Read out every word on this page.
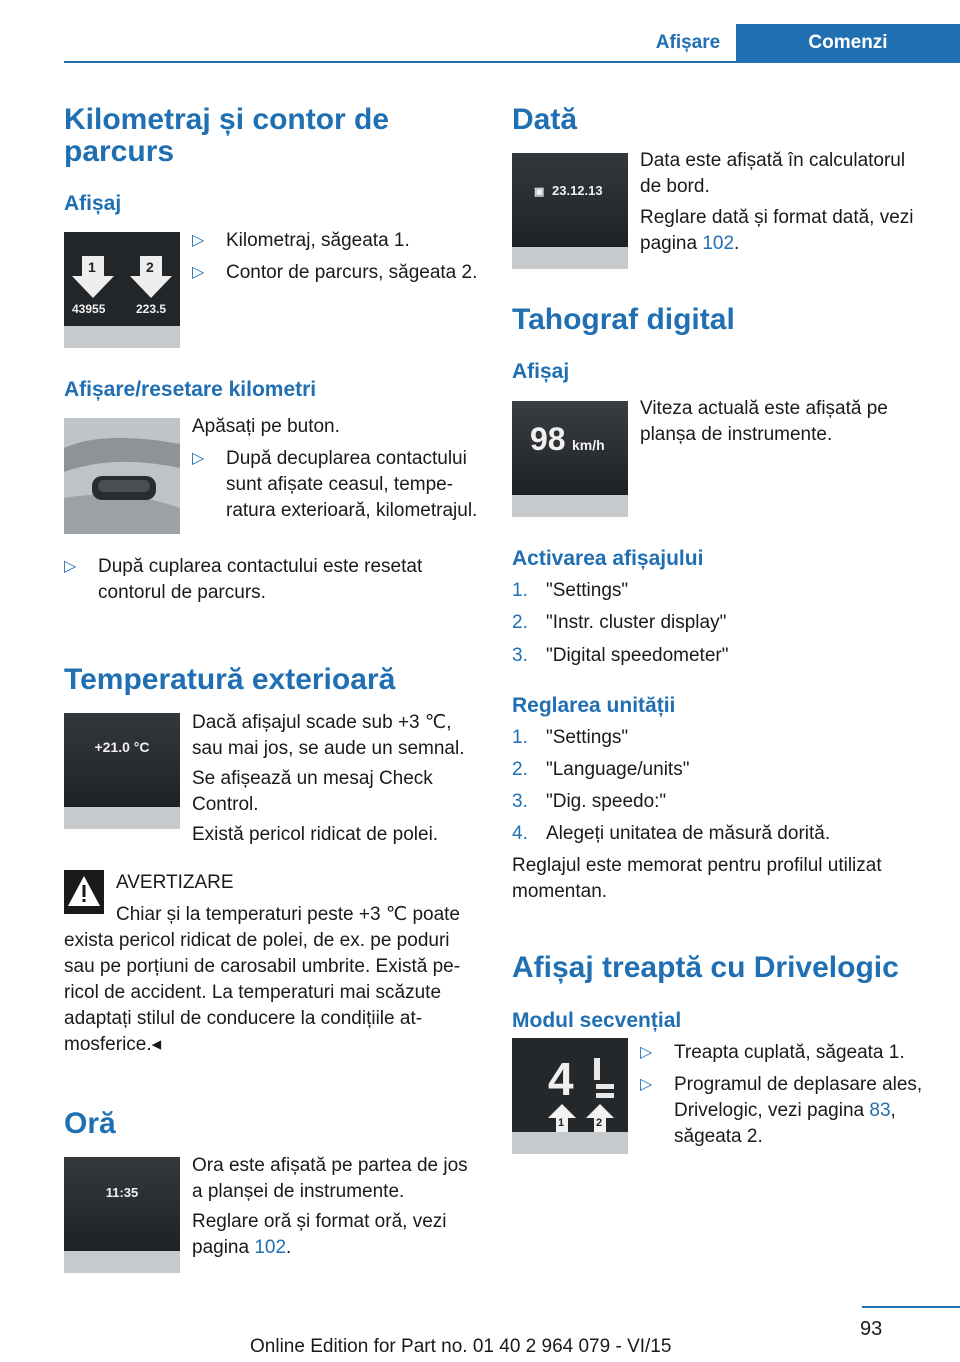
Afișare	Comenzi
Kilometraj și contor de parcurs
Afișaj
1	2
43955	223.5
▷ Kilometraj, săgeata 1.
▷ Contor de parcurs, săgeata 2.
Afișare/resetare kilometri
Apăsați pe buton.
▷ După decuplarea contactului sunt afișate ceasul, temperatura exterioară, kilometrajul.
▷ După cuplarea contactului este resetat contorul de parcurs.
Temperatură exterioară
+21.0 °C
Dacă afișajul scade sub +3 ℃, sau mai jos, se aude un semnal.
Se afișează un mesaj Check Control.
Există pericol ridicat de polei.
AVERTIZARE
Chiar și la temperaturi peste +3 ℃ poate exista pericol ridicat de polei, de ex. pe poduri sau pe porțiuni de carosabil umbrite. Există pericol de accident. La temperaturi mai scăzute adaptați stilul de conducere la condițiile atmosferice.◂
Oră
11:35
Ora este afișată pe partea de jos a planșei de instrumente.
Reglare oră și format oră, vezi pagina 102.
Dată
▣ 23.12.13
Data este afișată în calculatorul de bord.
Reglare dată și format dată, vezi pagina 102.
Tahograf digital
Afișaj
98 km/h
Viteza actuală este afișată pe planșa de instrumente.
Activarea afișajului
1. "Settings"
2. "Instr. cluster display"
3. "Digital speedometer"
Reglarea unității
1. "Settings"
2. "Language/units"
3. "Dig. speedo:"
4. Alegeți unitatea de măsură dorită.
Reglajul este memorat pentru profilul utilizat momentan.
Afișaj treaptă cu Drivelogic
Modul secvențial
4
1	2
▷ Treapta cuplată, săgeata 1.
▷ Programul de deplasare ales, Drivelogic, vezi pagina 83, săgeata 2.
93
Online Edition for Part no. 01 40 2 964 079 - VI/15
